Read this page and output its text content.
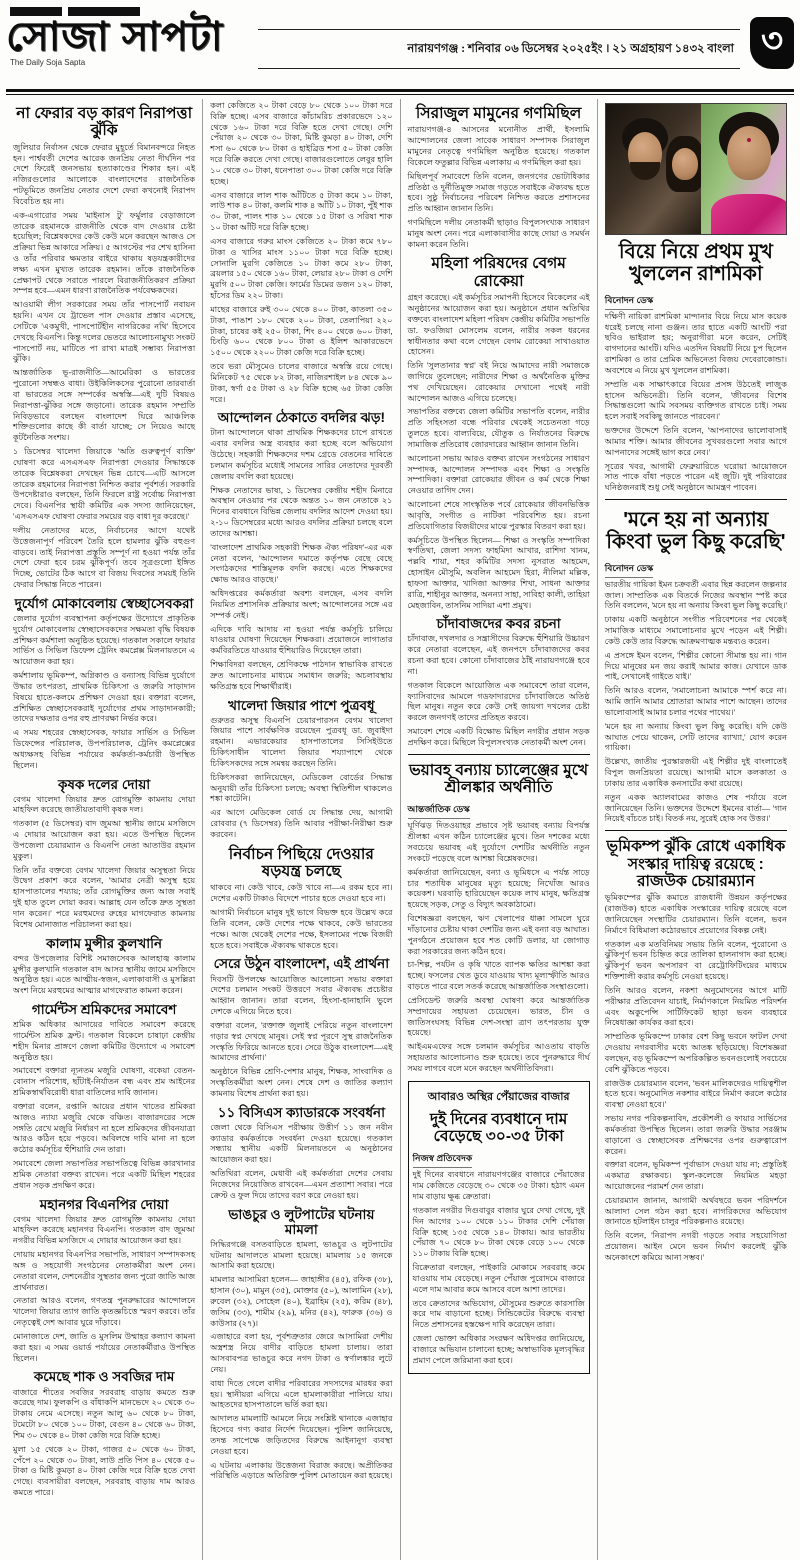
সোজা সাপটা
The Daily Soja Sapta
নারায়ণগঞ্জ : শনিবার ০৬ ডিসেম্বর ২০২৫ইং । ২১ অগ্রহায়ণ ১৪৩২ বাংলা ৩
না ফেরার বড় কারণ নিরাপত্তা ঝুঁকি

জুলিয়ার নির্বাসন থেকে ফেরার মুহূর্তে বিমানবন্দরে নিহত হন। পার্শ্ববর্তী দেশের আরেক জনপ্রিয় নেতা দীর্ঘদিন পর দেশে ফিরেই জনসভায় হত্যাকাণ্ডের শিকার হন। এই নজিরগুলোর আলোকে বাংলাদেশের রাজনৈতিক পটভূমিতে জনপ্রিয় নেতার দেশে ফেরা কখনোই নিরাপদ বিবেচিত হয় না।

এক-এগারোর সময় 'মাইনাস টু' ফর্মুলার বেড়াজালে তারেক রহমানকে রাজনীতি থেকে বাদ দেওয়ার চেষ্টা হয়েছিল; বিশ্লেষকদের কেউ কেউ মনে করছেন আজও সে প্রক্রিয়া ভিন্ন আকারে সক্রিয়। ৫ আগস্টের পর শেখ হাসিনা ও তাঁর পরিবার ক্ষমতার বাইরে থাকায় ষড়যন্ত্রকারীদের লক্ষ্য এখন মুখ্যত তারেক রহমান। তাঁকে রাজনৈতিক প্রেক্ষাপট থেকে সরাতে পারলে বিরাজনীতিকরণ প্রক্রিয়া সম্পন্ন হবে—এমন ধারণা রাজনৈতিক পর্যবেক্ষকদের।

আওয়ামী লীগ সরকারের সময় তাঁর পাসপোর্ট নবায়ন হয়নি। এখন যে ট্রাভেল পাস দেওয়ার প্রস্তাব এসেছে, সেটিকে 'একমুখী, পাসপোর্টহীন নাগরিকের নথি' হিসেবে দেখছে বিএনপি। কিন্তু দলের ভেতরে আলোচনামুখ্য সংকট পাসপোর্ট নয়, মাটিতে পা রাখা মাত্রই সম্ভাব্য নিরাপত্তা ঝুঁকি।

আন্তর্জাতিক ভূ-রাজনীতি—আমেরিকা ও ভারতের পুরোনো সম্বন্ধও বাধা। উইকিলিকসের পুরোনো তারবার্তা বা ভারতের সঙ্গে সম্পর্কের অস্বস্তি—এই দুটি বিষয়ও নিরাপত্তা-ঝুঁকির সঙ্গে জড়ানো। তারেক রহমান সম্প্রতি নিবিড়ভাবে বলছেন বাংলাদেশ ঘিরে আঞ্চলিক শক্তিগুলোর কাছে কী বার্তা যাচ্ছে; সে নিয়েও আছে কূটনৈতিক সংশয়।

১ ডিসেম্বর খালেদা জিয়াকে 'অতি গুরুত্বপূর্ণ ব্যক্তি' ঘোষণা করে এসএসএফ নিরাপত্তা দেওয়ার সিদ্ধান্তকে তারেক বিশ্লেষকরা দেখছেন ভিন্ন চোখে—এটি আসলে তারেক রহমানের নিরাপত্তা নিশ্চিত করার পূর্বশর্ত। সরকারি উপদেষ্টারাও বলছেন, তিনি ফিরলে রাষ্ট্র সর্বোচ্চ নিরাপত্তা দেবে। বিএনপির স্থায়ী কমিটির এক সদস্য জানিয়েছেন, 'এসএসএফ ঘোষণা ফেরার সময়ের বড় বাধা দূর করেছে।'

দলীয় নেতাদের মতে, নির্বাচনের আগে যথেষ্ট উত্তেজনাপূর্ণ পরিবেশ তৈরি হলে হামলার ঝুঁকি বহুগুণ বাড়বে। তাই নিরাপত্তা প্রস্তুতি সম্পূর্ণ না হওয়া পর্যন্ত তাঁর দেশে ফেরা হবে চরম ঝুঁকিপূর্ণ। তবে সূত্রগুলো ইঙ্গিত দিচ্ছে, ভোটের ঠিক আগে বা বিজয় দিবসের সময়ই তিনি ফেরার সিদ্ধান্ত নিতে পারেন।

দুর্যোগ মোকাবেলায় স্বেচ্ছাসেবকরা

জেলার দুর্যোগ ব্যবস্থাপনা কর্তৃপক্ষের উদ্যোগে প্রাকৃতিক দুর্যোগ মোকাবেলায় স্বেচ্ছাসেবকদের সক্ষমতা বৃদ্ধি বিষয়ক প্রশিক্ষণ কর্মশালা অনুষ্ঠিত হয়েছে। গতকাল সকালে ফায়ার সার্ভিস ও সিভিল ডিফেন্স ট্রেনিং কমপ্লেক্স মিলনায়তনে এ আয়োজন করা হয়।

কর্মশালায় ভূমিকম্প, অগ্নিকাণ্ড ও বন্যাসহ বিভিন্ন দুর্যোগে উদ্ধার তৎপরতা, প্রাথমিক চিকিৎসা ও জরুরি সাড়াদান বিষয়ে হাতে-কলমে প্রশিক্ষণ দেওয়া হয়। বক্তারা বলেন, প্রশিক্ষিত স্বেচ্ছাসেবকরাই দুর্যোগের প্রথম সাড়াদানকারী; তাদের দক্ষতার ওপর বহু প্রাণরক্ষা নির্ভর করে।

এ সময় শহরের স্বেচ্ছাসেবক, ফায়ার সার্ভিস ও সিভিল ডিফেন্সের পরিচালক, উপপরিচালক, ট্রেনিং কমপ্লেক্সের অধ্যক্ষসহ বিভিন্ন পর্যায়ের কর্মকর্তা-কর্মচারী উপস্থিত ছিলেন।

কৃষক দলের দোয়া

বেগম খালেদা জিয়ার দ্রুত রোগমুক্তি কামনায় দোয়া মাহফিল করেছে জাতীয়তাবাদী কৃষক দল।

গতকাল (৫ ডিসেম্বর) বাদ জুমআ স্থানীয় জামে মসজিদে এ দোয়ার আয়োজন করা হয়। এতে উপস্থিত ছিলেন উপজেলা চেয়ারম্যান ও বিএনপি নেতা আতাউর রহমান মুকুল।

তিনি তাঁর বক্তব্যে বেগম খালেদা জিয়ার অসুস্থতা নিয়ে উদ্বেগ প্রকাশ করে বলেন, 'আমার নেত্রী অসুস্থ হয়ে হাসপাতালের শয্যায়; তাঁর রোগমুক্তির জন্য আজ সবাই দুই হাত তুলে দোয়া করব। আল্লাহ যেন তাঁকে দ্রুত সুস্থতা দান করেন।' পরে মরহুমদের রুহের মাগফেরাত কামনায় বিশেষ মোনাজাত পরিচালনা করা হয়।

কালাম মুন্সীর কুলখানি

বন্দর উপজেলার বিশিষ্ট সমাজসেবক আলহাজ্ব কালাম মুন্সীর কুলখানি গতকাল বাদ আসর স্থানীয় জামে মসজিদে অনুষ্ঠিত হয়। এতে আত্মীয়-স্বজন, এলাকাবাসী ও মুসল্লিরা অংশ নিয়ে মরহুমের আত্মার মাগফেরাত কামনা করেন।

গার্মেন্টস শ্রমিকদের সমাবেশ

শ্রমিক অধিকার আদায়ের দাবিতে সমাবেশ করেছে গার্মেন্টস শ্রমিক ফ্রন্ট। গতকাল বিকেলে চাষাঢ়া কেন্দ্রীয় শহীদ মিনার প্রাঙ্গণে জেলা কমিটির উদ্যোগে এ সমাবেশ অনুষ্ঠিত হয়।

সমাবেশে বক্তারা ন্যূনতম মজুরি ঘোষণা, বকেয়া বেতন-বোনাস পরিশোধ, ছাঁটাই-নির্যাতন বন্ধ এবং শ্রম আইনের শ্রমিকস্বার্থবিরোধী ধারা বাতিলের দাবি জানান।

বক্তারা বলেন, রপ্তানি আয়ের প্রধান খাতের শ্রমিকরা আজও ন্যায্য মজুরি থেকে বঞ্চিত। বাজারদরের সঙ্গে সঙ্গতি রেখে মজুরি নির্ধারণ না হলে শ্রমিকদের জীবনযাত্রা আরও কঠিন হয়ে পড়বে। অবিলম্বে দাবি মানা না হলে কঠোর কর্মসূচির হুঁশিয়ারি দেন তারা।

সমাবেশে জেলা সভাপতির সভাপতিত্বে বিভিন্ন কারখানার শ্রমিক নেতারা বক্তব্য রাখেন। পরে একটি মিছিল শহরের প্রধান সড়ক প্রদক্ষিণ করে।

মহানগর বিএনপির দোয়া

বেগম খালেদা জিয়ার দ্রুত রোগমুক্তি কামনায় দোয়া মাহফিল করেছে মহানগর বিএনপি। গতকাল বাদ জুমআ নগরীর বিভিন্ন মসজিদে এ দোয়ার আয়োজন করা হয়।

দোয়ায় মহানগর বিএনপির সভাপতি, সাধারণ সম্পাদকসহ অঙ্গ ও সহযোগী সংগঠনের নেতাকর্মীরা অংশ নেন। নেতারা বলেন, দেশনেত্রীর সুস্থতার জন্য পুরো জাতি আজ প্রার্থনারত।

নেতারা আরও বলেন, গণতন্ত্র পুনরুদ্ধারের আন্দোলনে খালেদা জিয়ার ত্যাগ জাতি কৃতজ্ঞচিত্তে স্মরণ করবে। তাঁর নেতৃত্বেই দেশ আবার ঘুরে দাঁড়াবে।

মোনাজাতে দেশ, জাতি ও মুসলিম উম্মাহর কল্যাণ কামনা করা হয়। এ সময় ওয়ার্ড পর্যায়ের নেতাকর্মীরাও উপস্থিত ছিলেন।

কমেছে শাক ও সবজির দাম

বাজারে শীতের সবজির সরবরাহ বাড়ায় কমতে শুরু করেছে দাম। ফুলকপি ও বাঁধাকপি মানভেদে ২০ থেকে ৩০ টাকায় নেমে এসেছে। নতুন আলু ৬০ থেকে ৮০ টাকা, টমেটো ৮০ থেকে ১০০ টাকা, বেগুন ৪০ থেকে ৬০ টাকা, শিম ৩০ থেকে ৪০ টাকা কেজি দরে বিক্রি হচ্ছে।

মুলা ১৫ থেকে ২০ টাকা, গাজর ৫০ থেকে ৬০ টাকা, পেঁপে ২০ থেকে ৩০ টাকা, লাউ প্রতি পিস ৪০ থেকে ৫০ টাকা ও মিষ্টি কুমড়া ৪০ টাকা কেজি দরে বিক্রি হতে দেখা গেছে। ব্যবসায়ীরা বলছেন, সরবরাহ বাড়ায় দাম আরও কমতে পারে।

কলা কেজিতে ২০ টাকা বেড়ে ৮০ থেকে ১০০ টাকা দরে বিক্রি হচ্ছে। এসব বাজারে কাঁচামরিচ প্রকারভেদে ১২০ থেকে ১৬০ টাকা দরে বিক্রি হতে দেখা গেছে। দেশি পেঁয়াজ ২০ থেকে ৩০ টাকা, মিষ্টি কুমড়া ৪০ টাকা, দেশি শসা ৬০ থেকে ৮০ টাকা ও হাইব্রিড শসা ৫০ টাকা কেজি দরে বিক্রি করতে দেখা গেছে। বাজারগুলোতে লেবুর হালি ১০ থেকে ৩০ টাকা, ধনেপাতা ৩০০ টাকা কেজি দরে বিক্রি হচ্ছে।

এসব বাজারে লাল শাক আঁটিতে ৫ টাকা কমে ১০ টাকা, লাউ শাক ৪০ টাকা, কলমি শাক ৪ আঁটি ১০ টাকা, পুঁই শাক ৩০ টাকা, পালং শাক ১০ থেকে ১৫ টাকা ও সরিষা শাক ১০ টাকা আঁটি দরে বিক্রি হচ্ছে।

এসব বাজারে গরুর মাংস কেজিতে ২০ টাকা কমে ৭৮০ টাকা ও খাসির মাংস ১১০০ টাকা দরে বিক্রি হচ্ছে। সোনালি মুরগি কেজিতে ১০ টাকা কমে ২৮০ টাকা, ব্রয়লার ১৫০ থেকে ১৬০ টাকা, লেয়ার ২৮০ টাকা ও দেশি মুরগি ৫০০ টাকা কেজি। ফার্মের ডিমের ডজন ১২০ টাকা, হাঁসের ডিম ২২০ টাকা।

মাছের বাজারে রুই ৩০০ থেকে ৪০০ টাকা, কাতলা ৩৫০ টাকা, পাঙাশ ১৮০ থেকে ২০০ টাকা, তেলাপিয়া ২২০ টাকা, চাষের কই ২৫০ টাকা, শিং ৪০০ থেকে ৬০০ টাকা, চিংড়ি ৬০০ থেকে ৮০০ টাকা ও ইলিশ আকারভেদে ১৫০০ থেকে ২২০০ টাকা কেজি দরে বিক্রি হচ্ছে।

তবে ভরা মৌসুমেও চালের বাজারে অস্বস্তি রয়ে গেছে। মিনিকেট ৭৫ থেকে ৮২ টাকা, নাজিরশাইল ৮৪ থেকে ৯০ টাকা, স্বর্ণা ৫৫ টাকা ও ২৮ বিক্রি হচ্ছে ৬৫ টাকা কেজি দরে।

আন্দোলন ঠেকাতে বদলির ঝড়!

টানা আন্দোলনে থাকা প্রাথমিক শিক্ষকদের চাপে রাখতে এবার বদলির অস্ত্র ব্যবহার করা হচ্ছে বলে অভিযোগ উঠেছে। সহকারী শিক্ষকদের দশম গ্রেডে বেতনের দাবিতে চলমান কর্মসূচির মধ্যেই সামনের সারির নেতাদের দূরবর্তী জেলায় বদলি করা হয়েছে।

শিক্ষক নেতাদের ভাষ্য, ১ ডিসেম্বর কেন্দ্রীয় শহীদ মিনারে অবস্থান নেওয়ার পর থেকে অন্তত ১০ জন নেতাকে ২১ দিনের ব্যবধানে বিভিন্ন জেলায় বদলির আদেশ দেওয়া হয়। ২-১০ ডিসেম্বরের মধ্যে আরও বদলির প্রক্রিয়া চলছে বলে তাদের আশঙ্কা।

'বাংলাদেশ প্রাথমিক সহকারী শিক্ষক ঐক্য পরিষদ'-এর এক নেতা বলেন, 'আন্দোলন দমাতে কর্তৃপক্ষ বেছে বেছে সংগঠকদের শাস্তিমূলক বদলি করছে। এতে শিক্ষকদের ক্ষোভ আরও বাড়ছে।'

অধিদপ্তরের কর্মকর্তারা অবশ্য বলছেন, এসব বদলি নিয়মিত প্রশাসনিক প্রক্রিয়ার অংশ; আন্দোলনের সঙ্গে এর সম্পর্ক নেই।

এদিকে দাবি আদায় না হওয়া পর্যন্ত কর্মসূচি চালিয়ে যাওয়ার ঘোষণা দিয়েছেন শিক্ষকরা। প্রয়োজনে লাগাতার কর্মবিরতিতে যাওয়ার হুঁশিয়ারিও দিয়েছেন তারা।

শিক্ষাবিদরা বলছেন, শ্রেণিকক্ষে পাঠদান স্বাভাবিক রাখতে দ্রুত আলোচনার মাধ্যমে সমাধান জরুরি; অচলাবস্থায় ক্ষতিগ্রস্ত হবে শিক্ষার্থীরাই।

খালেদা জিয়ার পাশে পুত্রবধূ

গুরুতর অসুস্থ বিএনপি চেয়ারপারসন বেগম খালেদা জিয়ার পাশে সার্বক্ষণিক রয়েছেন পুত্রবধূ ডা. জুবাইদা রহমান। এভারকেয়ার হাসপাতালের সিসিইউতে চিকিৎসাধীন খালেদা জিয়ার শয্যাপাশে থেকে চিকিৎসকদের সঙ্গে সমন্বয় করছেন তিনি।

চিকিৎসকরা জানিয়েছেন, মেডিকেল বোর্ডের সিদ্ধান্ত অনুযায়ী তাঁর চিকিৎসা চলছে; অবস্থা স্থিতিশীল থাকলেও শঙ্কা কাটেনি।

এর আগে মেডিকেল বোর্ড যে সিদ্ধান্ত দেয়, আগামী রোববার (৭ ডিসেম্বর) তিনি আবার পরীক্ষা-নিরীক্ষা শুরু করবেন।

নির্বাচন পিছিয়ে দেওয়ার ষড়যন্ত্র চলছে

থাকবে না। কেউ খাবে, কেউ খাবে না—এ রকম হবে না। দেশের একটি টাকাও বিদেশে পাচার হতে দেওয়া হবে না।

আগামী নির্বাচনে মানুষ দুই ভাগে বিভক্ত হবে উল্লেখ করে তিনি বলেন, কেউ দেশের পক্ষে থাকবে, কেউ ভারতের পক্ষে। আজ থেকেই দেশের পক্ষে, ইসলামের পক্ষে বিজয়ী হতে হবে। সবাইকে ঐক্যবদ্ধ থাকতে হবে।

সেরে উঠুন বাংলাদেশ, এই প্রার্থনা

দিবসটি উপলক্ষে আয়োজিত আলোচনা সভায় বক্তারা দেশের চলমান সংকট উত্তরণে সবার ঐক্যবদ্ধ প্রচেষ্টার আহ্বান জানান। তারা বলেন, হিংসা-হানাহানি ভুলে দেশকে এগিয়ে নিতে হবে।

বক্তারা বলেন, 'রক্তাক্ত জুলাই পেরিয়ে নতুন বাংলাদেশ গড়ার স্বপ্ন দেখছে মানুষ। সেই স্বপ্ন পূরণে সুস্থ রাজনৈতিক সংস্কৃতি ফিরিয়ে আনতে হবে। সেরে উঠুক বাংলাদেশ—এই আমাদের প্রার্থনা।'

অনুষ্ঠানে বিভিন্ন শ্রেণি-পেশার মানুষ, শিক্ষক, সাংবাদিক ও সংস্কৃতিকর্মীরা অংশ নেন। শেষে দেশ ও জাতির কল্যাণ কামনায় বিশেষ প্রার্থনা করা হয়।

১১ বিসিএস ক্যাডারকে সংবর্ধনা

জেলা থেকে বিসিএস পরীক্ষায় উত্তীর্ণ ১১ জন নবীন ক্যাডার কর্মকর্তাকে সংবর্ধনা দেওয়া হয়েছে। গতকাল সন্ধ্যায় স্থানীয় একটি মিলনায়তনে এ অনুষ্ঠানের আয়োজন করা হয়।

অতিথিরা বলেন, মেধাবী এই কর্মকর্তারা দেশের সেবায় নিজেদের নিয়োজিত রাখবেন—এমন প্রত্যাশা সবার। পরে ক্রেস্ট ও ফুল দিয়ে তাদের বরণ করে নেওয়া হয়।

ভাঙচুর ও লুটপাটের ঘটনায় মামলা

সিদ্ধিরগঞ্জে বসতবাড়িতে হামলা, ভাঙচুর ও লুটপাটের ঘটনায় আদালতে মামলা হয়েছে। মামলায় ১৫ জনকে আসামি করা হয়েছে।

মামলার আসামিরা হলেন— জাহাঙ্গীর (৪৫), রফিক (৩৮), হাসান (৩০), মামুন (৩৫), মোক্তার (৫০), আলামিন (২৮), রুবেল (৩২), সোহেল (৪০), ইব্রাহিম (২৫), করিম (৪৮), জসিম (৩৩), শামীম (২৯), মনির (৪২), ফারুক (৩৬) ও কাউসার (২৭)।

এজাহারে বলা হয়, পূর্বশত্রুতার জেরে আসামিরা দেশীয় অস্ত্রশস্ত্র নিয়ে বাদীর বাড়িতে হামলা চালায়। তারা আসবাবপত্র ভাঙচুর করে নগদ টাকা ও স্বর্ণালঙ্কার লুটে নেয়।

বাধা দিতে গেলে বাদীর পরিবারের সদস্যদের মারধর করা হয়। স্থানীয়রা এগিয়ে এলে হামলাকারীরা পালিয়ে যায়। আহতদের হাসপাতালে ভর্তি করা হয়।

আদালত মামলাটি আমলে নিয়ে সংশ্লিষ্ট থানাকে এজাহার হিসেবে গণ্য করার নির্দেশ দিয়েছেন। পুলিশ জানিয়েছে, তদন্ত সাপেক্ষে জড়িতদের বিরুদ্ধে আইনানুগ ব্যবস্থা নেওয়া হবে।

এ ঘটনায় এলাকায় উত্তেজনা বিরাজ করছে। অপ্রীতিকর পরিস্থিতি এড়াতে অতিরিক্ত পুলিশ মোতায়েন করা হয়েছে।

সিরাজুল মামুনের গণমিছিল

নারায়ণগঞ্জ-৪ আসনের মনোনীত প্রার্থী, ইসলামি আন্দোলনের জেলা সাবেক সাধারণ সম্পাদক সিরাজুল মামুনের নেতৃত্বে গণমিছিল অনুষ্ঠিত হয়েছে। গতকাল বিকেলে ফতুল্লার বিভিন্ন এলাকায় এ গণমিছিল করা হয়।

মিছিলপূর্ব সমাবেশে তিনি বলেন, জনগণের ভোটাধিকার প্রতিষ্ঠা ও দুর্নীতিমুক্ত সমাজ গড়তে সবাইকে ঐক্যবদ্ধ হতে হবে। সুষ্ঠু নির্বাচনের পরিবেশ নিশ্চিত করতে প্রশাসনের প্রতি আহ্বান জানান তিনি।

গণমিছিলে দলীয় নেতাকর্মী ছাড়াও বিপুলসংখ্যক সাধারণ মানুষ অংশ নেন। পরে এলাকাবাসীর কাছে দোয়া ও সমর্থন কামনা করেন তিনি।

মহিলা পরিষদের বেগম রোকেয়া

গ্রহণ করেছে। এই কর্মসূচির সমাপনী হিসেবে বিকেলের এই অনুষ্ঠানের আয়োজন করা হয়। অনুষ্ঠানে প্রধান অতিথির বক্তব্যে বাংলাদেশ মহিলা পরিষদ কেন্দ্রীয় কমিটির সভাপতি ডা. ফওজিয়া মোসলেম বলেন, নারীর সকল ধরনের স্বাধীনতার কথা বলে গেছেন বেগম রোকেয়া সাখাওয়াত হোসেন।

তিনি 'সুলতানার স্বপ্ন' বই নিয়ে আমাদের নারী সমাজকে জাগিয়ে তুলেছেন; নারীদের শিক্ষা ও অর্থনৈতিক মুক্তির পথ দেখিয়েছেন। রোকেয়ার দেখানো পথেই নারী আন্দোলন আজও এগিয়ে চলেছে।

সভাপতির বক্তব্যে জেলা কমিটির সভাপতি বলেন, নারীর প্রতি সহিংসতা বন্ধে পরিবার থেকেই সচেতনতা গড়ে তুলতে হবে। বাল্যবিয়ে, যৌতুক ও নির্যাতনের বিরুদ্ধে সামাজিক প্রতিরোধ জোরদারের আহ্বান জানান তিনি।

আলোচনা সভায় আরও বক্তব্য রাখেন সংগঠনের সাধারণ সম্পাদক, আন্দোলন সম্পাদক এবং শিক্ষা ও সংস্কৃতি সম্পাদিকা। বক্তারা রোকেয়ার জীবন ও কর্ম থেকে শিক্ষা নেওয়ার তাগিদ দেন।

আলোচনা শেষে সাংস্কৃতিক পর্বে রোকেয়ার জীবনভিত্তিক আবৃত্তি, সংগীত ও নাটিকা পরিবেশিত হয়। রচনা প্রতিযোগিতার বিজয়ীদের মাঝে পুরস্কার বিতরণ করা হয়।

কর্মসূচিতে উপস্থিত ছিলেন— শিক্ষা ও সংস্কৃতি সম্পাদিকা স্বর্ণতিথা, জেলা সদস্য ফাহমিদা আখার, রাশিদা খানম, পল্লবি শায়া, শহর কমিটির সদস্য নুসরাত আহমেদ, হোসাইন মৌসুমি, অবলিন আহমেদ হিরা, নীলিমা মল্লিক, হাফসা আক্তার, খাদিজা আক্তার শিখা, সাধনা আক্তার রাত্রি, শাহীনুর আক্তার, অনন্যা সাহা, সাবিহা কালী, তাহিয়া মেহজাবিন, তাসনিম সাদিয়া এশা প্রমুখ।

চাঁদাবাজদের কবর রচনা

চাঁদাবাজ, দখলদার ও সন্ত্রাসীদের বিরুদ্ধে হুঁশিয়ারি উচ্চারণ করে নেতারা বলেছেন, এই জনপদে চাঁদাবাজদের কবর রচনা করা হবে। কোনো চাঁদাবাজের ঠাঁই নারায়ণগঞ্জে হবে না।

গতকাল বিকেলে আয়োজিত এক সমাবেশে তারা বলেন, ফ্যাসিবাদের আমলে গডফাদারদের চাঁদাবাজিতে অতিষ্ঠ ছিল মানুষ। নতুন করে কেউ সেই জায়গা দখলের চেষ্টা করলে জনগণই তাদের প্রতিহত করবে।

সমাবেশ শেষে একটি বিক্ষোভ মিছিল নগরীর প্রধান সড়ক প্রদক্ষিণ করে। মিছিলে বিপুলসংখ্যক নেতাকর্মী অংশ নেন।

ভয়াবহ বন্যায় চ্যালেঞ্জের মুখে শ্রীলঙ্কার অর্থনীতি
আন্তর্জাতিক ডেস্ক

ঘূর্ণিঝড় দিতওয়াহর প্রভাবে সৃষ্ট ভয়াবহ বন্যায় বিপর্যস্ত শ্রীলঙ্কা এখন কঠিন চ্যালেঞ্জের মুখে। তিন দশকের মধ্যে সবচেয়ে ভয়াবহ এই দুর্যোগে দেশটির অর্থনীতি নতুন সংকটে পড়েছে বলে আশঙ্কা বিশ্লেষকদের।

কর্মকর্তারা জানিয়েছেন, বন্যা ও ভূমিধসে এ পর্যন্ত সাড়ে চার শতাধিক মানুষের মৃত্যু হয়েছে; নিখোঁজ আরও কয়েকশ। ঘরবাড়ি হারিয়েছেন কয়েক লাখ মানুষ, ক্ষতিগ্রস্ত হয়েছে সড়ক, সেতু ও বিদ্যুৎ অবকাঠামো।

বিশেষজ্ঞরা বলছেন, ঋণ খেলাপের ধাক্কা সামলে ঘুরে দাঁড়ানোর চেষ্টায় থাকা দেশটির জন্য এই বন্যা বড় আঘাত। পুনর্গঠনে প্রয়োজন হবে শত কোটি ডলার, যা জোগাড় করা সরকারের জন্য কঠিন হবে।

চা-শিল্প, পর্যটন ও কৃষি খাতে ব্যাপক ক্ষতির আশঙ্কা করা হচ্ছে। ফসলের খেত ডুবে যাওয়ায় খাদ্য মূল্যস্ফীতি আরও বাড়তে পারে বলে সতর্ক করেছে আন্তর্জাতিক সংস্থাগুলো।

প্রেসিডেন্ট জরুরি অবস্থা ঘোষণা করে আন্তর্জাতিক সম্প্রদায়ের সহায়তা চেয়েছেন। ভারত, চীন ও জাতিসংঘসহ বিভিন্ন দেশ-সংস্থা ত্রাণ তৎপরতায় যুক্ত হয়েছে।

আইএমএফের সঙ্গে চলমান কর্মসূচির আওতায় বাড়তি সহায়তার আলোচনাও শুরু হয়েছে। তবে পুনরুদ্ধারে দীর্ঘ সময় লাগবে বলে মনে করছেন অর্থনীতিবিদরা।

আবারও অস্থির পেঁয়াজের বাজার
দুই দিনের ব্যবধানে দাম বেড়েছে ৩০-৩৫ টাকা
নিজস্ব প্রতিবেদক

দুই দিনের ব্যবধানে নারায়ণগঞ্জের বাজারে পেঁয়াজের দাম কেজিতে বেড়েছে ৩০ থেকে ৩৫ টাকা। হঠাৎ এমন দাম বাড়ায় ক্ষুব্ধ ক্রেতারা।

গতকাল নগরীর দিগুবাবুর বাজার ঘুরে দেখা গেছে, দুই দিন আগের ১০০ থেকে ১১০ টাকার দেশি পেঁয়াজ বিক্রি হচ্ছে ১৩৫ থেকে ১৪০ টাকায়। আর ভারতীয় পেঁয়াজ ৭০ থেকে ৮০ টাকা থেকে বেড়ে ১০০ থেকে ১১০ টাকায় বিক্রি হচ্ছে।

বিক্রেতারা বলছেন, পাইকারি মোকামে সরবরাহ কমে যাওয়ায় দাম বেড়েছে। নতুন পেঁয়াজ পুরোদমে বাজারে এলে দাম আবার কমে আসবে বলে আশা তাদের।

তবে ক্রেতাদের অভিযোগ, মৌসুমের শুরুতে কারসাজি করে দাম বাড়ানো হচ্ছে। সিন্ডিকেটের বিরুদ্ধে ব্যবস্থা নিতে প্রশাসনের হস্তক্ষেপ দাবি করেছেন তারা।

জেলা ভোক্তা অধিকার সংরক্ষণ অধিদপ্তর জানিয়েছে, বাজারে অভিযান চালানো হচ্ছে; অস্বাভাবিক মূল্যবৃদ্ধির প্রমাণ পেলে জরিমানা করা হবে।

বিয়ে নিয়ে প্রথম মুখ খুললেন রাশমিকা
বিনোদন ডেস্ক

দক্ষিণী নায়িকা রাশমিকা মান্দানার বিয়ে নিয়ে মাস কয়েক ধরেই চলছে নানা গুঞ্জন। তার হাতে একটি আংটি পরা ছবিও ভাইরাল হয়; অনুরাগীরা মনে করেন, সেটিই বাগদানের আংটি। যদিও এতদিন বিষয়টি নিয়ে চুপ ছিলেন রাশমিকা ও তার প্রেমিক অভিনেতা বিজয় দেবেরাকোন্ডা। অবশেষে এ নিয়ে মুখ খুললেন রাশমিকা।

সম্প্রতি এক সাক্ষাৎকারে বিয়ের প্রসঙ্গ উঠতেই লাজুক হাসেন অভিনেত্রী। তিনি বলেন, 'জীবনের বিশেষ সিদ্ধান্তগুলো আমি সবসময় ব্যক্তিগত রাখতে চাই। সময় হলে সবাই সবকিছু জানতে পারবেন।'

ভক্তদের উদ্দেশে তিনি বলেন, 'আপনাদের ভালোবাসাই আমার শক্তি। আমার জীবনের সুখবরগুলো সবার আগে আপনাদের সঙ্গেই ভাগ করে নেব।'

সূত্রের খবর, আগামী ফেব্রুয়ারিতে ঘরোয়া আয়োজনে সাত পাকে বাঁধা পড়তে পারেন এই জুটি। দুই পরিবারের ঘনিষ্ঠজনরাই শুধু সেই অনুষ্ঠানে আমন্ত্রণ পাবেন।

'মনে হয় না অন্যায় কিংবা ভুল কিছু করেছি'
বিনোদন ডেস্ক

ভারতীয় গায়িকা ইমন চক্রবর্তী এবার ছিন্ন করলেন জল্পনার জাল। সাম্প্রতিক এক বিতর্কে নিজের অবস্থান স্পষ্ট করে তিনি বললেন, 'মনে হয় না অন্যায় কিংবা ভুল কিছু করেছি।'

ঢাকায় একটি অনুষ্ঠানে সংগীত পরিবেশনের পর থেকেই সামাজিক মাধ্যমে সমালোচনার মুখে পড়েন এই শিল্পী। কেউ কেউ তার বিরুদ্ধে আক্রমণাত্মক মন্তব্যও করেন।

এ প্রসঙ্গে ইমন বলেন, 'শিল্পীর কোনো সীমান্ত হয় না। গান দিয়ে মানুষের মন জয় করাই আমার কাজ। যেখানে ডাক পাই, সেখানেই গাইতে যাই।'

তিনি আরও বলেন, 'সমালোচনা আমাকে স্পর্শ করে না। আমি জানি আমার শ্রোতারা আমার পাশে আছেন। তাদের ভালোবাসাই আমার চলার পথের পাথেয়।'

'মনে হয় না অন্যায় কিংবা ভুল কিছু করেছি। যদি কেউ আঘাত পেয়ে থাকেন, সেটি তাদের ব্যাখ্যা,' যোগ করেন গায়িকা।

উল্লেখ্য, জাতীয় পুরস্কারজয়ী এই শিল্পীর দুই বাংলাতেই বিপুল জনপ্রিয়তা রয়েছে। আগামী মাসে কলকাতা ও ঢাকায় তার একাধিক কনসার্টের কথা রয়েছে।

নতুন একক অ্যালবামের কাজও শেষ পর্যায়ে বলে জানিয়েছেন তিনি। ভক্তদের উদ্দেশে ইমনের বার্তা— 'গান নিয়েই বাঁচতে চাই। বিতর্ক নয়, সুরেই হোক সব উত্তর।'

ভূমিকম্প ঝুঁকি রোধে একাধিক সংস্কার দায়িত্ব রয়েছে : রাজউক চেয়ারম্যান

ভূমিকম্পের ঝুঁকি কমাতে রাজধানী উন্নয়ন কর্তৃপক্ষের (রাজউক) হাতে একাধিক সংস্কারের দায়িত্ব রয়েছে বলে জানিয়েছেন সংস্থাটির চেয়ারম্যান। তিনি বলেন, ভবন নির্মাণে বিধিমালা কঠোরভাবে প্রয়োগের বিকল্প নেই।

গতকাল এক মতবিনিময় সভায় তিনি বলেন, পুরোনো ও ঝুঁকিপূর্ণ ভবন চিহ্নিত করে তালিকা হালনাগাদ করা হচ্ছে। ঝুঁকিপূর্ণ ভবন অপসারণ বা রেট্রোফিটিংয়ের মাধ্যমে শক্তিশালী করার কর্মসূচি নেওয়া হয়েছে।

তিনি আরও বলেন, নকশা অনুমোদনের আগে মাটি পরীক্ষার প্রতিবেদন যাচাই, নির্মাণকালে নিয়মিত পরিদর্শন এবং অকুপেন্সি সার্টিফিকেট ছাড়া ভবন ব্যবহারে নিষেধাজ্ঞা কার্যকর করা হবে।

সাম্প্রতিক ভূমিকম্পে ঢাকার বেশ কিছু ভবনে ফাটল দেখা দেওয়ায় নগরবাসীর মধ্যে আতঙ্ক ছড়িয়েছে। বিশেষজ্ঞরা বলছেন, বড় ভূমিকম্পে অপরিকল্পিত ভবনগুলোই সবচেয়ে বেশি ঝুঁকিতে পড়বে।

রাজউক চেয়ারম্যান বলেন, 'ভবন মালিকদেরও দায়িত্বশীল হতে হবে। অনুমোদিত নকশার বাইরে নির্মাণ করলে কঠোর ব্যবস্থা নেওয়া হবে।'

সভায় নগর পরিকল্পনাবিদ, প্রকৌশলী ও ফায়ার সার্ভিসের কর্মকর্তারা উপস্থিত ছিলেন। তারা জরুরি উদ্ধার সরঞ্জাম বাড়ানো ও স্বেচ্ছাসেবক প্রশিক্ষণের ওপর গুরুত্বারোপ করেন।

বক্তারা বলেন, ভূমিকম্প পূর্বাভাস দেওয়া যায় না; প্রস্তুতিই একমাত্র রক্ষাকবচ। স্কুল-কলেজে নিয়মিত মহড়া আয়োজনের পরামর্শ দেন তারা।

চেয়ারম্যান জানান, আগামী অর্থবছরে ভবন পরিদর্শনে আলাদা সেল গঠন করা হবে। নাগরিকদের অভিযোগ জানাতে হটলাইন চালুর পরিকল্পনাও রয়েছে।

তিনি বলেন, 'নিরাপদ নগরী গড়তে সবার সহযোগিতা প্রয়োজন। আইন মেনে ভবন নির্মাণ করলেই ঝুঁকি অনেকাংশে কমিয়ে আনা সম্ভব।'
